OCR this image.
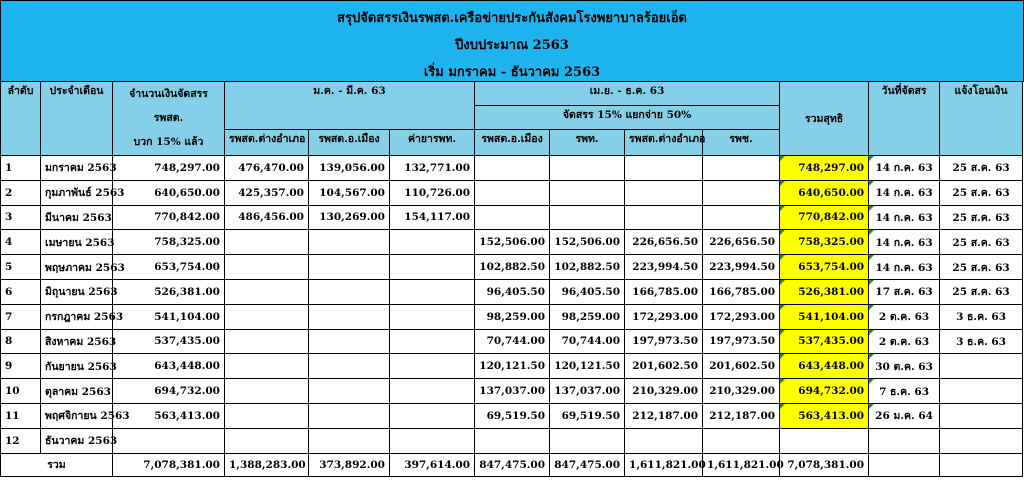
สรุปจัดสรรเงินรพสต.เครือข่ายประกันสังคมโรงพยาบาลร้อยเอ็ด
ปีงบประมาณ 2563
เริ่ม มกราคม - ธันวาคม 2563
ลำดับ	ประจำเดือน	จำนวนเงินจัดสรร
รพสต.
บวก 15% แล้ว	ม.ค. - มี.ค. 63			เม.ย. - ธ.ค. 63				รวมสุทธิ	วันที่จัดสร	แจ้งโอนเงิน
						จัดสรร 15% แยกจ่าย 50%						
			รพสต.ต่างอำเภอ	รพสต.อ.เมือง	ค่ายารพท.	รพสต.อ.เมือง	รพท.	รพสต.ต่างอำเภอ	รพช.			
1	มกราคม 2563	748,297.00	476,470.00	139,056.00	132,771.00					748,297.00	14 ก.ค. 63	25 ส.ค. 63
2	กุมภาพันธ์ 2563	640,650.00	425,357.00	104,567.00	110,726.00					640,650.00	14 ก.ค. 63	25 ส.ค. 63
3	มีนาคม 2563	770,842.00	486,456.00	130,269.00	154,117.00					770,842.00	14 ก.ค. 63	25 ส.ค. 63
4	เมษายน 2563	758,325.00				152,506.00	152,506.00	226,656.50	226,656.50	758,325.00	14 ก.ค. 63	25 ส.ค. 63
5	พฤษภาคม 2563	653,754.00				102,882.50	102,882.50	223,994.50	223,994.50	653,754.00	14 ก.ค. 63	25 ส.ค. 63
6	มิถุนายน 2563	526,381.00				96,405.50	96,405.50	166,785.00	166,785.00	526,381.00	17 ส.ค. 63	25 ส.ค. 63
7	กรกฎาคม 2563	541,104.00				98,259.00	98,259.00	172,293.00	172,293.00	541,104.00	2 ต.ค. 63	3 ธ.ค. 63
8	สิงหาคม 2563	537,435.00				70,744.00	70,744.00	197,973.50	197,973.50	537,435.00	2 ต.ค. 63	3 ธ.ค. 63
9	กันยายน 2563	643,448.00				120,121.50	120,121.50	201,602.50	201,602.50	643,448.00	30 ต.ค. 63	
10	ตุลาคม 2563	694,732.00				137,037.00	137,037.00	210,329.00	210,329.00	694,732.00	7 ธ.ค. 63	
11	พฤศจิกายน 2563	563,413.00				69,519.50	69,519.50	212,187.00	212,187.00	563,413.00	26 ม.ค. 64	
12	ธันวาคม 2563											
รวม		7,078,381.00	1,388,283.00	373,892.00	397,614.00	847,475.00	847,475.00	1,611,821.00	1,611,821.00	7,078,381.00		
